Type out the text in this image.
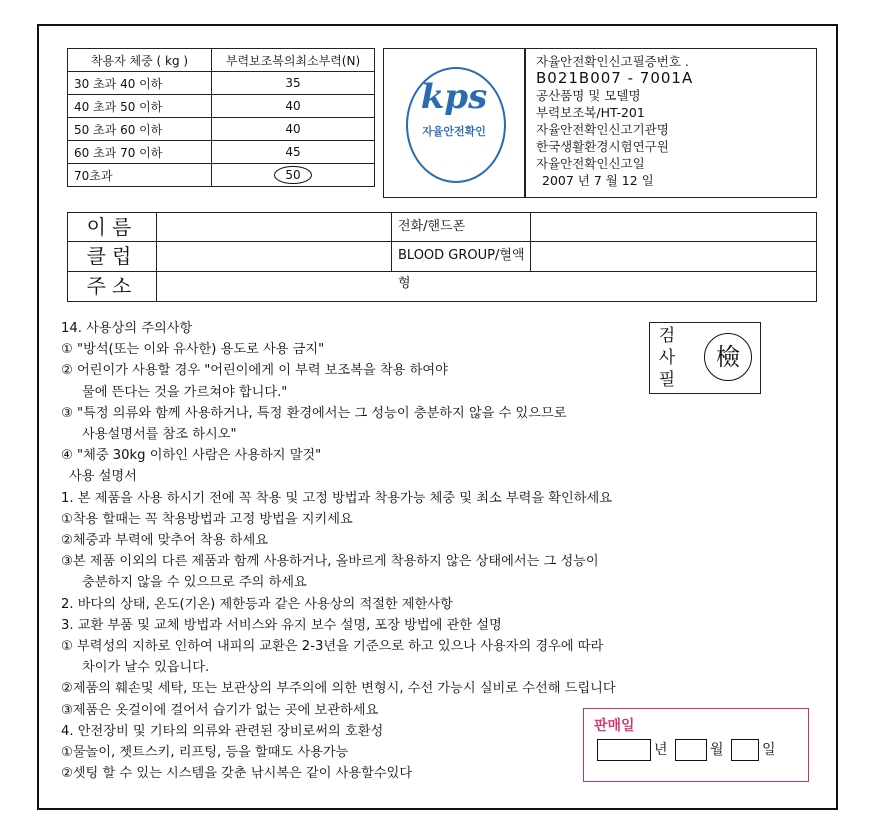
착용자 체중 ( kg )	부력보조복의최소부력(N)
30 초과 40 이하	35
40 초과 50 이하	40
50 초과 60 이하	40
60 초과 70 이하	45
70초과	50
kps
자율안전확인
자율안전확인신고필증번호 .
B021B007 - 7001A
공산품명 및 모델명
부력보조복/HT-201
자율안전확인신고기관명
한국생활환경시험연구원
자율안전확인신고일
2007 년 7 월 12 일
이름	전화/핸드폰
클럽	BLOOD GROUP/혈액형
주소
검
사
필
檢
14. 사용상의 주의사항
① "방석(또는 이와 유사한) 용도로 사용 금지"
② 어린이가 사용할 경우 "어린이에게 이 부력 보조복을 착용 하여야
물에 뜬다는 것을 가르쳐야 합니다."
③ "특정 의류와 함께 사용하거나, 특정 환경에서는 그 성능이 충분하지 않을 수 있으므로
사용설명서를 참조 하시오"
④ "체중 30kg 이하인 사람은 사용하지 말것"
사용 설명서
1. 본 제품을 사용 하시기 전에 꼭 착용 및 고정 방법과 착용가능 체중 및 최소 부력을 확인하세요
①착용 할때는 꼭 착용방법과 고정 방법을 지키세요
②체중과 부력에 맞추어 착용 하세요
③본 제품 이외의 다른 제품과 함께 사용하거나, 올바르게 착용하지 않은 상태에서는 그 성능이
충분하지 않을 수 있으므로 주의 하세요
2. 바다의 상태, 온도(기온) 제한등과 같은 사용상의 적절한 제한사항
3. 교환 부품 및 교체 방법과 서비스와 유지 보수 설명, 포장 방법에 관한 설명
① 부력성의 지하로 인하여 내피의 교환은 2-3년을 기준으로 하고 있으나 사용자의 경우에 따라
차이가 날수 있읍니다.
②제품의 훼손및 세탁, 또는 보관상의 부주의에 의한 변형시, 수선 가능시 실비로 수선해 드립니다
③제품은 옷걸이에 걸어서 습기가 없는 곳에 보관하세요
4. 안전장비 및 기타의 의류와 관련된 장비로써의 호환성
①물놀이, 젯트스키, 리프팅, 등을 할때도 사용가능
②셋팅 할 수 있는 시스템을 갖춘 낚시복은 같이 사용할수있다
판매일
년	월	일
